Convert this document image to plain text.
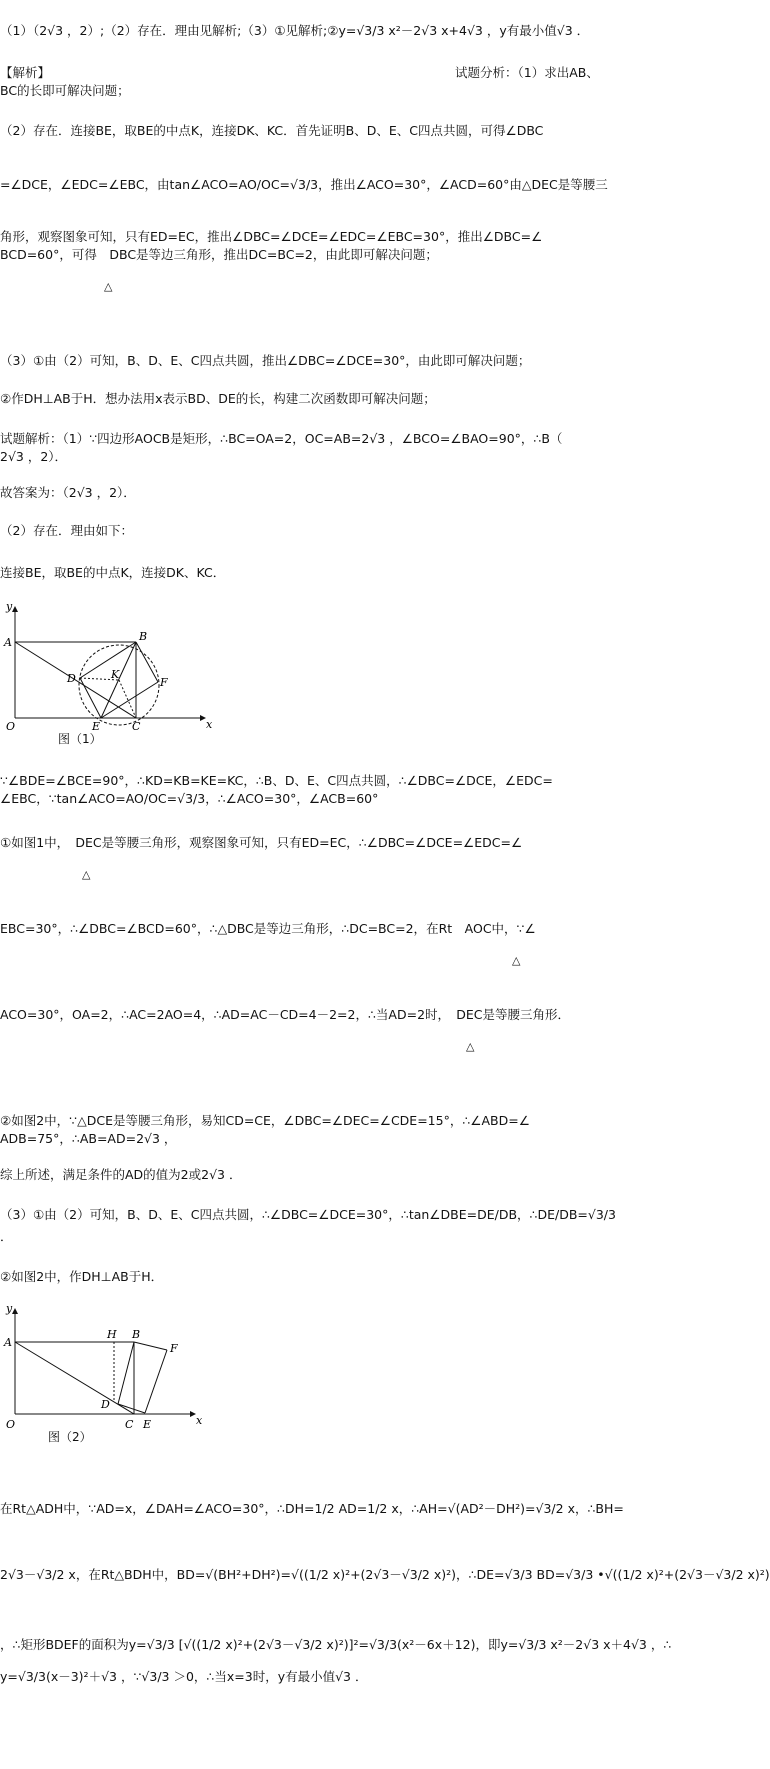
（1）（2√3 ，2）;（2）存在．理由见解析;（3）①见解析;②y=√3/3 x²－2√3 x+4√3 ，y有最小值√3 ．
【解析】	试题分析：（1）求出AB、
BC的长即可解决问题；
（2）存在．连接BE，取BE的中点K，连接DK、KC．首先证明B、D、E、C四点共圆，可得∠DBC
=∠DCE，∠EDC=∠EBC，由tan∠ACO=AO/OC=√3/3，推出∠ACO=30°，∠ACD=60°由△DEC是等腰三
角形，观察图象可知，只有ED=EC，推出∠DBC=∠DCE=∠EDC=∠EBC=30°，推出∠DBC=∠
BCD=60°，可得　DBC是等边三角形，推出DC=BC=2，由此即可解决问题；
△
（3）①由（2）可知，B、D、E、C四点共圆，推出∠DBC=∠DCE=30°，由此即可解决问题；
②作DH⊥AB于H．想办法用x表示BD、DE的长，构建二次函数即可解决问题；
试题解析：（1）∵四边形AOCB是矩形，∴BC=OA=2，OC=AB=2√3 ，∠BCO=∠BAO=90°，∴B（
2√3 ，2）．
故答案为：（2√3 ，2）．
（2）存在．理由如下：
连接BE，取BE的中点K，连接DK、KC．
y
x
A	B
D	K
F
O	E	C
图（1）
∵∠BDE=∠BCE=90°，∴KD=KB=KE=KC，∴B、D、E、C四点共圆，∴∠DBC=∠DCE，∠EDC=
∠EBC，∵tan∠ACO=AO/OC=√3/3，∴∠ACO=30°，∠ACB=60°
①如图1中，　DEC是等腰三角形，观察图象可知，只有ED=EC，∴∠DBC=∠DCE=∠EDC=∠
△
EBC=30°，∴∠DBC=∠BCD=60°，∴△DBC是等边三角形，∴DC=BC=2，在Rt　AOC中，∵∠
△
ACO=30°，OA=2，∴AC=2AO=4，∴AD=AC－CD=4－2=2，∴当AD=2时，　DEC是等腰三角形．
△
②如图2中，∵△DCE是等腰三角形，易知CD=CE，∠DBC=∠DEC=∠CDE=15°，∴∠ABD=∠
ADB=75°，∴AB=AD=2√3 ，
综上所述，满足条件的AD的值为2或2√3 ．
（3）①由（2）可知，B、D、E、C四点共圆，∴∠DBC=∠DCE=30°，∴tan∠DBE=DE/DB，∴DE/DB=√3/3
．
②如图2中，作DH⊥AB于H．
y
x
A
H B
F
D
O	C E
图（2）
在Rt△ADH中，∵AD=x，∠DAH=∠ACO=30°，∴DH=1/2 AD=1/2 x，∴AH=√(AD²－DH²)=√3/2 x，∴BH=
2√3－√3/2 x，在Rt△BDH中，BD=√(BH²+DH²)=√((1/2 x)²+(2√3－√3/2 x)²)，∴DE=√3/3 BD=√3/3 •√((1/2 x)²+(2√3－√3/2 x)²)
，∴矩形BDEF的面积为y=√3/3 [√((1/2 x)²+(2√3－√3/2 x)²)]²=√3/3(x²－6x＋12)，即y=√3/3 x²－2√3 x＋4√3 ，∴
y=√3/3(x－3)²＋√3 ，∵√3/3 ＞0，∴当x=3时，y有最小值√3 ．
